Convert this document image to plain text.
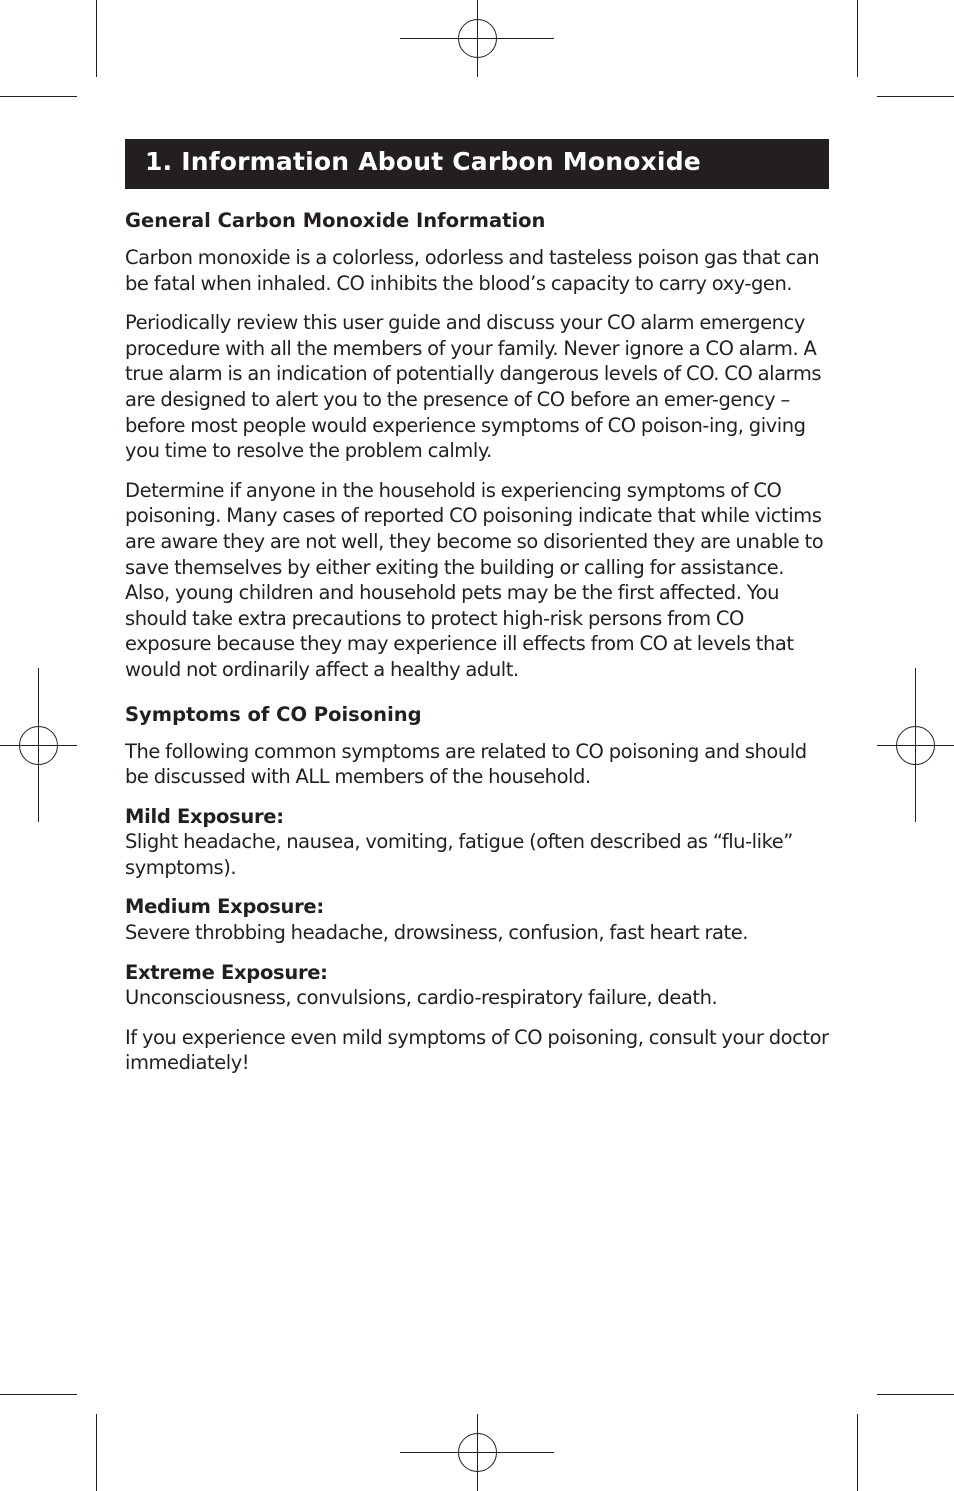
1. Information About Carbon Monoxide
General Carbon Monoxide Information

Carbon monoxide is a colorless, odorless and tasteless poison gas that can be fatal when inhaled. CO inhibits the blood’s capacity to carry oxy-gen.

Periodically review this user guide and discuss your CO alarm emergency procedure with all the members of your family. Never ignore a CO alarm. A true alarm is an indication of potentially dangerous levels of CO. CO alarms are designed to alert you to the presence of CO before an emer-gency – before most people would experience symptoms of CO poison-ing, giving you time to resolve the problem calmly.

Determine if anyone in the household is experiencing symptoms of CO poisoning. Many cases of reported CO poisoning indicate that while victims are aware they are not well, they become so disoriented they are unable to save themselves by either exiting the building or calling for assistance. Also, young children and household pets may be the first affected. You should take extra precautions to protect high-risk persons from CO exposure because they may experience ill effects from CO at levels that would not ordinarily affect a healthy adult.

Symptoms of CO Poisoning

The following common symptoms are related to CO poisoning and should be discussed with ALL members of the household.

Mild Exposure:
Slight headache, nausea, vomiting, fatigue (often described as “flu-like” symptoms).
Medium Exposure:
Severe throbbing headache, drowsiness, confusion, fast heart rate.
Extreme Exposure:
Unconsciousness, convulsions, cardio-respiratory failure, death.

If you experience even mild symptoms of CO poisoning, consult your doctor immediately!
